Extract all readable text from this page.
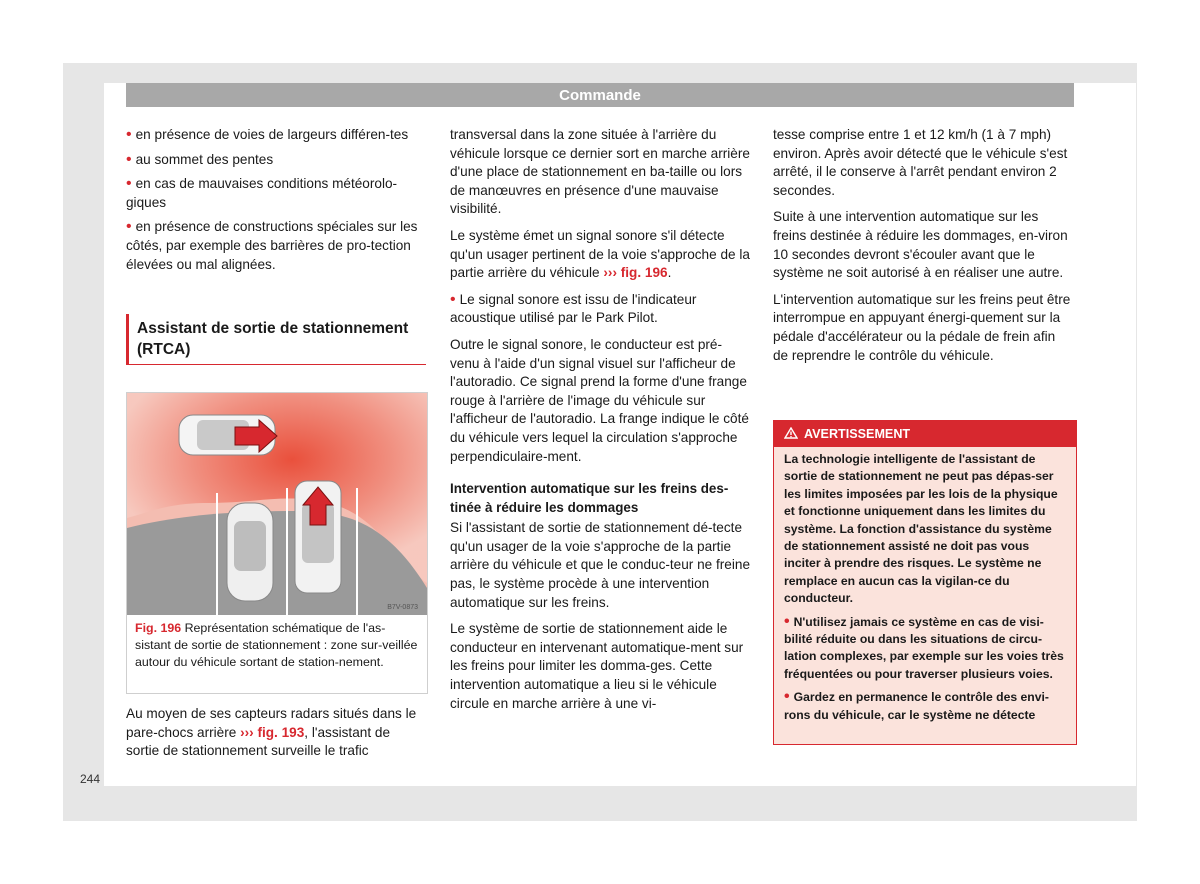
Commande
• en présence de voies de largeurs différen-tes
• au sommet des pentes
• en cas de mauvaises conditions météorolo-giques
• en présence de constructions spéciales sur les côtés, par exemple des barrières de pro-tection élevées ou mal alignées.
Assistant de sortie de stationnement (RTCA)
B7V-0873
Fig. 196 Représentation schématique de l'as-sistant de sortie de stationnement : zone sur-veillée autour du véhicule sortant de station-nement.

Au moyen de ses capteurs radars situés dans le pare-chocs arrière ››› fig. 193, l'assistant de sortie de stationnement surveille le trafic

transversal dans la zone située à l'arrière du véhicule lorsque ce dernier sort en marche arrière d'une place de stationnement en ba-taille ou lors de manœuvres en présence d'une mauvaise visibilité.

Le système émet un signal sonore s'il détecte qu'un usager pertinent de la voie s'approche de la partie arrière du véhicule ››› fig. 196.

• Le signal sonore est issu de l'indicateur acoustique utilisé par le Park Pilot.

Outre le signal sonore, le conducteur est pré-venu à l'aide d'un signal visuel sur l'afficheur de l'autoradio. Ce signal prend la forme d'une frange rouge à l'arrière de l'image du véhicule sur l'afficheur de l'autoradio. La frange indique le côté du véhicule vers lequel la circulation s'approche perpendiculaire-ment.

Intervention automatique sur les freins des-tinée à réduire les dommages

Si l'assistant de sortie de stationnement dé-tecte qu'un usager de la voie s'approche de la partie arrière du véhicule et que le conduc-teur ne freine pas, le système procède à une intervention automatique sur les freins.

Le système de sortie de stationnement aide le conducteur en intervenant automatique-ment sur les freins pour limiter les domma-ges. Cette intervention automatique a lieu si le véhicule circule en marche arrière à une vi-

tesse comprise entre 1 et 12 km/h (1 à 7 mph) environ. Après avoir détecté que le véhicule s'est arrêté, il le conserve à l'arrêt pendant environ 2 secondes.

Suite à une intervention automatique sur les freins destinée à réduire les dommages, en-viron 10 secondes devront s'écouler avant que le système ne soit autorisé à en réaliser une autre.

L'intervention automatique sur les freins peut être interrompue en appuyant énergi-quement sur la pédale d'accélérateur ou la pédale de frein afin de reprendre le contrôle du véhicule.

AVERTISSEMENT

La technologie intelligente de l'assistant de sortie de stationnement ne peut pas dépas-ser les limites imposées par les lois de la physique et fonctionne uniquement dans les limites du système. La fonction d'assistance du système de stationnement assisté ne doit pas vous inciter à prendre des risques. Le système ne remplace en aucun cas la vigilan-ce du conducteur.

• N'utilisez jamais ce système en cas de visi-bilité réduite ou dans les situations de circu-lation complexes, par exemple sur les voies très fréquentées ou pour traverser plusieurs voies.

• Gardez en permanence le contrôle des envi-rons du véhicule, car le système ne détecte

244
